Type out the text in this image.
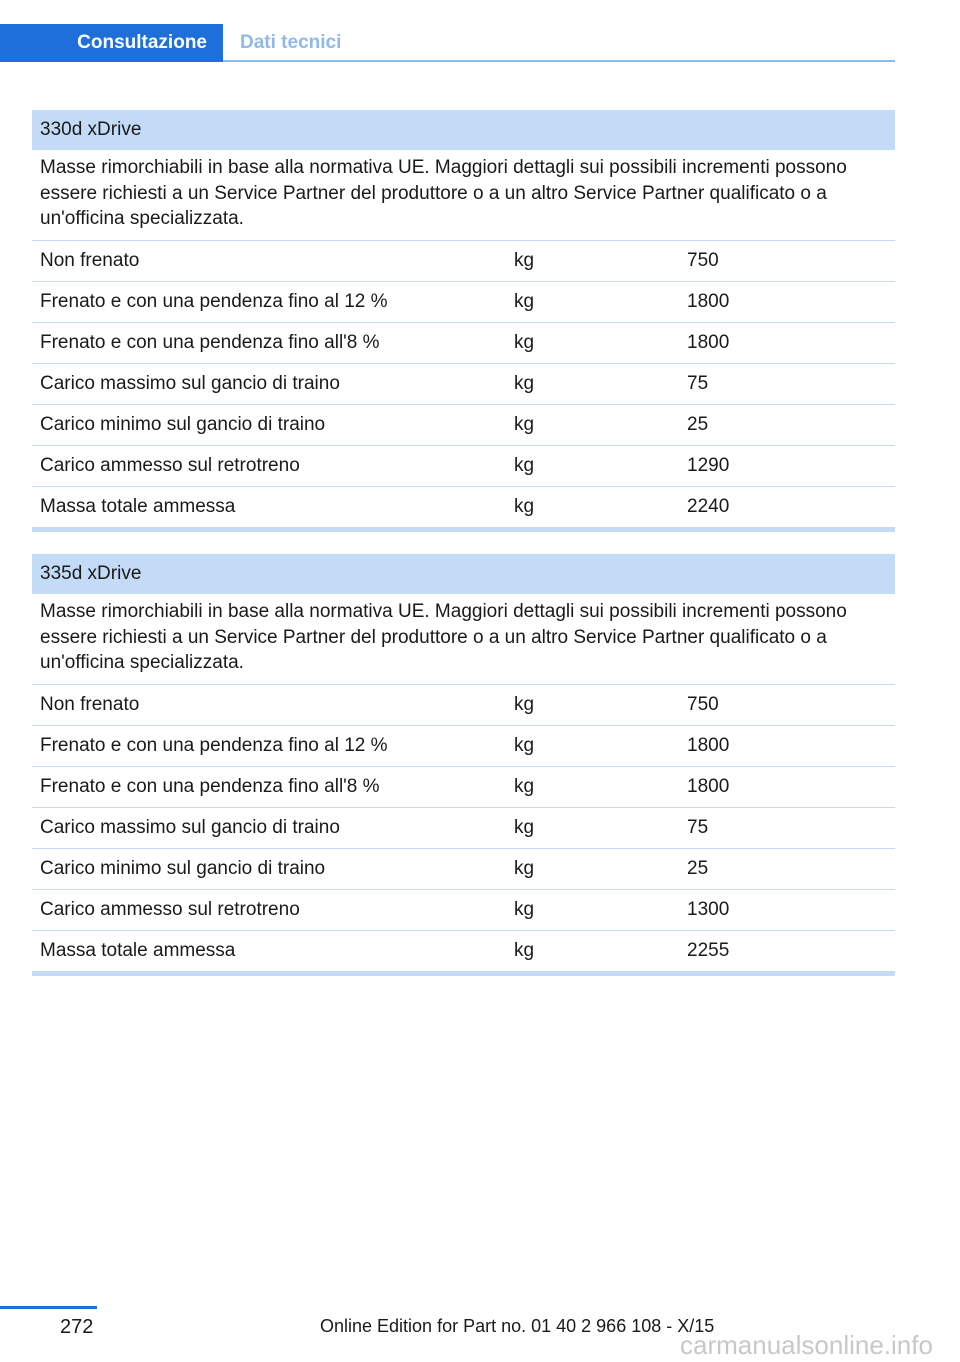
Consultazione	Dati tecnici
330d xDrive
Masse rimorchiabili in base alla normativa UE. Maggiori dettagli sui possibili incrementi possono essere richiesti a un Service Partner del produttore o a un altro Service Partner qualificato o a un'officina specializzata.
Non frenato	kg	750
Frenato e con una pendenza fino al 12 %	kg	1800
Frenato e con una pendenza fino all'8 %	kg	1800
Carico massimo sul gancio di traino	kg	75
Carico minimo sul gancio di traino	kg	25
Carico ammesso sul retrotreno	kg	1290
Massa totale ammessa	kg	2240
335d xDrive
Masse rimorchiabili in base alla normativa UE. Maggiori dettagli sui possibili incrementi possono essere richiesti a un Service Partner del produttore o a un altro Service Partner qualificato o a un'officina specializzata.
Non frenato	kg	750
Frenato e con una pendenza fino al 12 %	kg	1800
Frenato e con una pendenza fino all'8 %	kg	1800
Carico massimo sul gancio di traino	kg	75
Carico minimo sul gancio di traino	kg	25
Carico ammesso sul retrotreno	kg	1300
Massa totale ammessa	kg	2255
272	Online Edition for Part no. 01 40 2 966 108 - X/15
carmanualsonline.info
